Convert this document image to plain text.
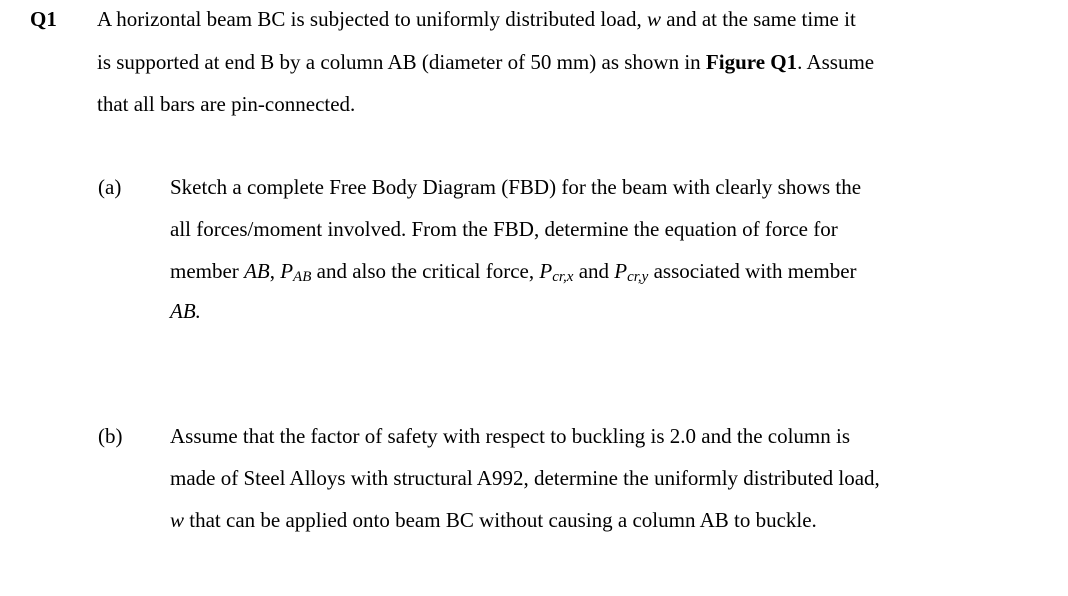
Q1 A horizontal beam BC is subjected to uniformly distributed load, w and at the same time it
is supported at end B by a column AB (diameter of 50 mm) as shown in Figure Q1. Assume
that all bars are pin-connected.
(a) Sketch a complete Free Body Diagram (FBD) for the beam with clearly shows the
all forces/moment involved. From the FBD, determine the equation of force for
member AB, $P_{AB}$ and also the critical force, $P_{cr,x}$ and $P_{cr,y}$ associated with member
AB.
(b) Assume that the factor of safety with respect to buckling is 2.0 and the column is
made of Steel Alloys with structural A992, determine the uniformly distributed load,
w that can be applied onto beam BC without causing a column AB to buckle.
